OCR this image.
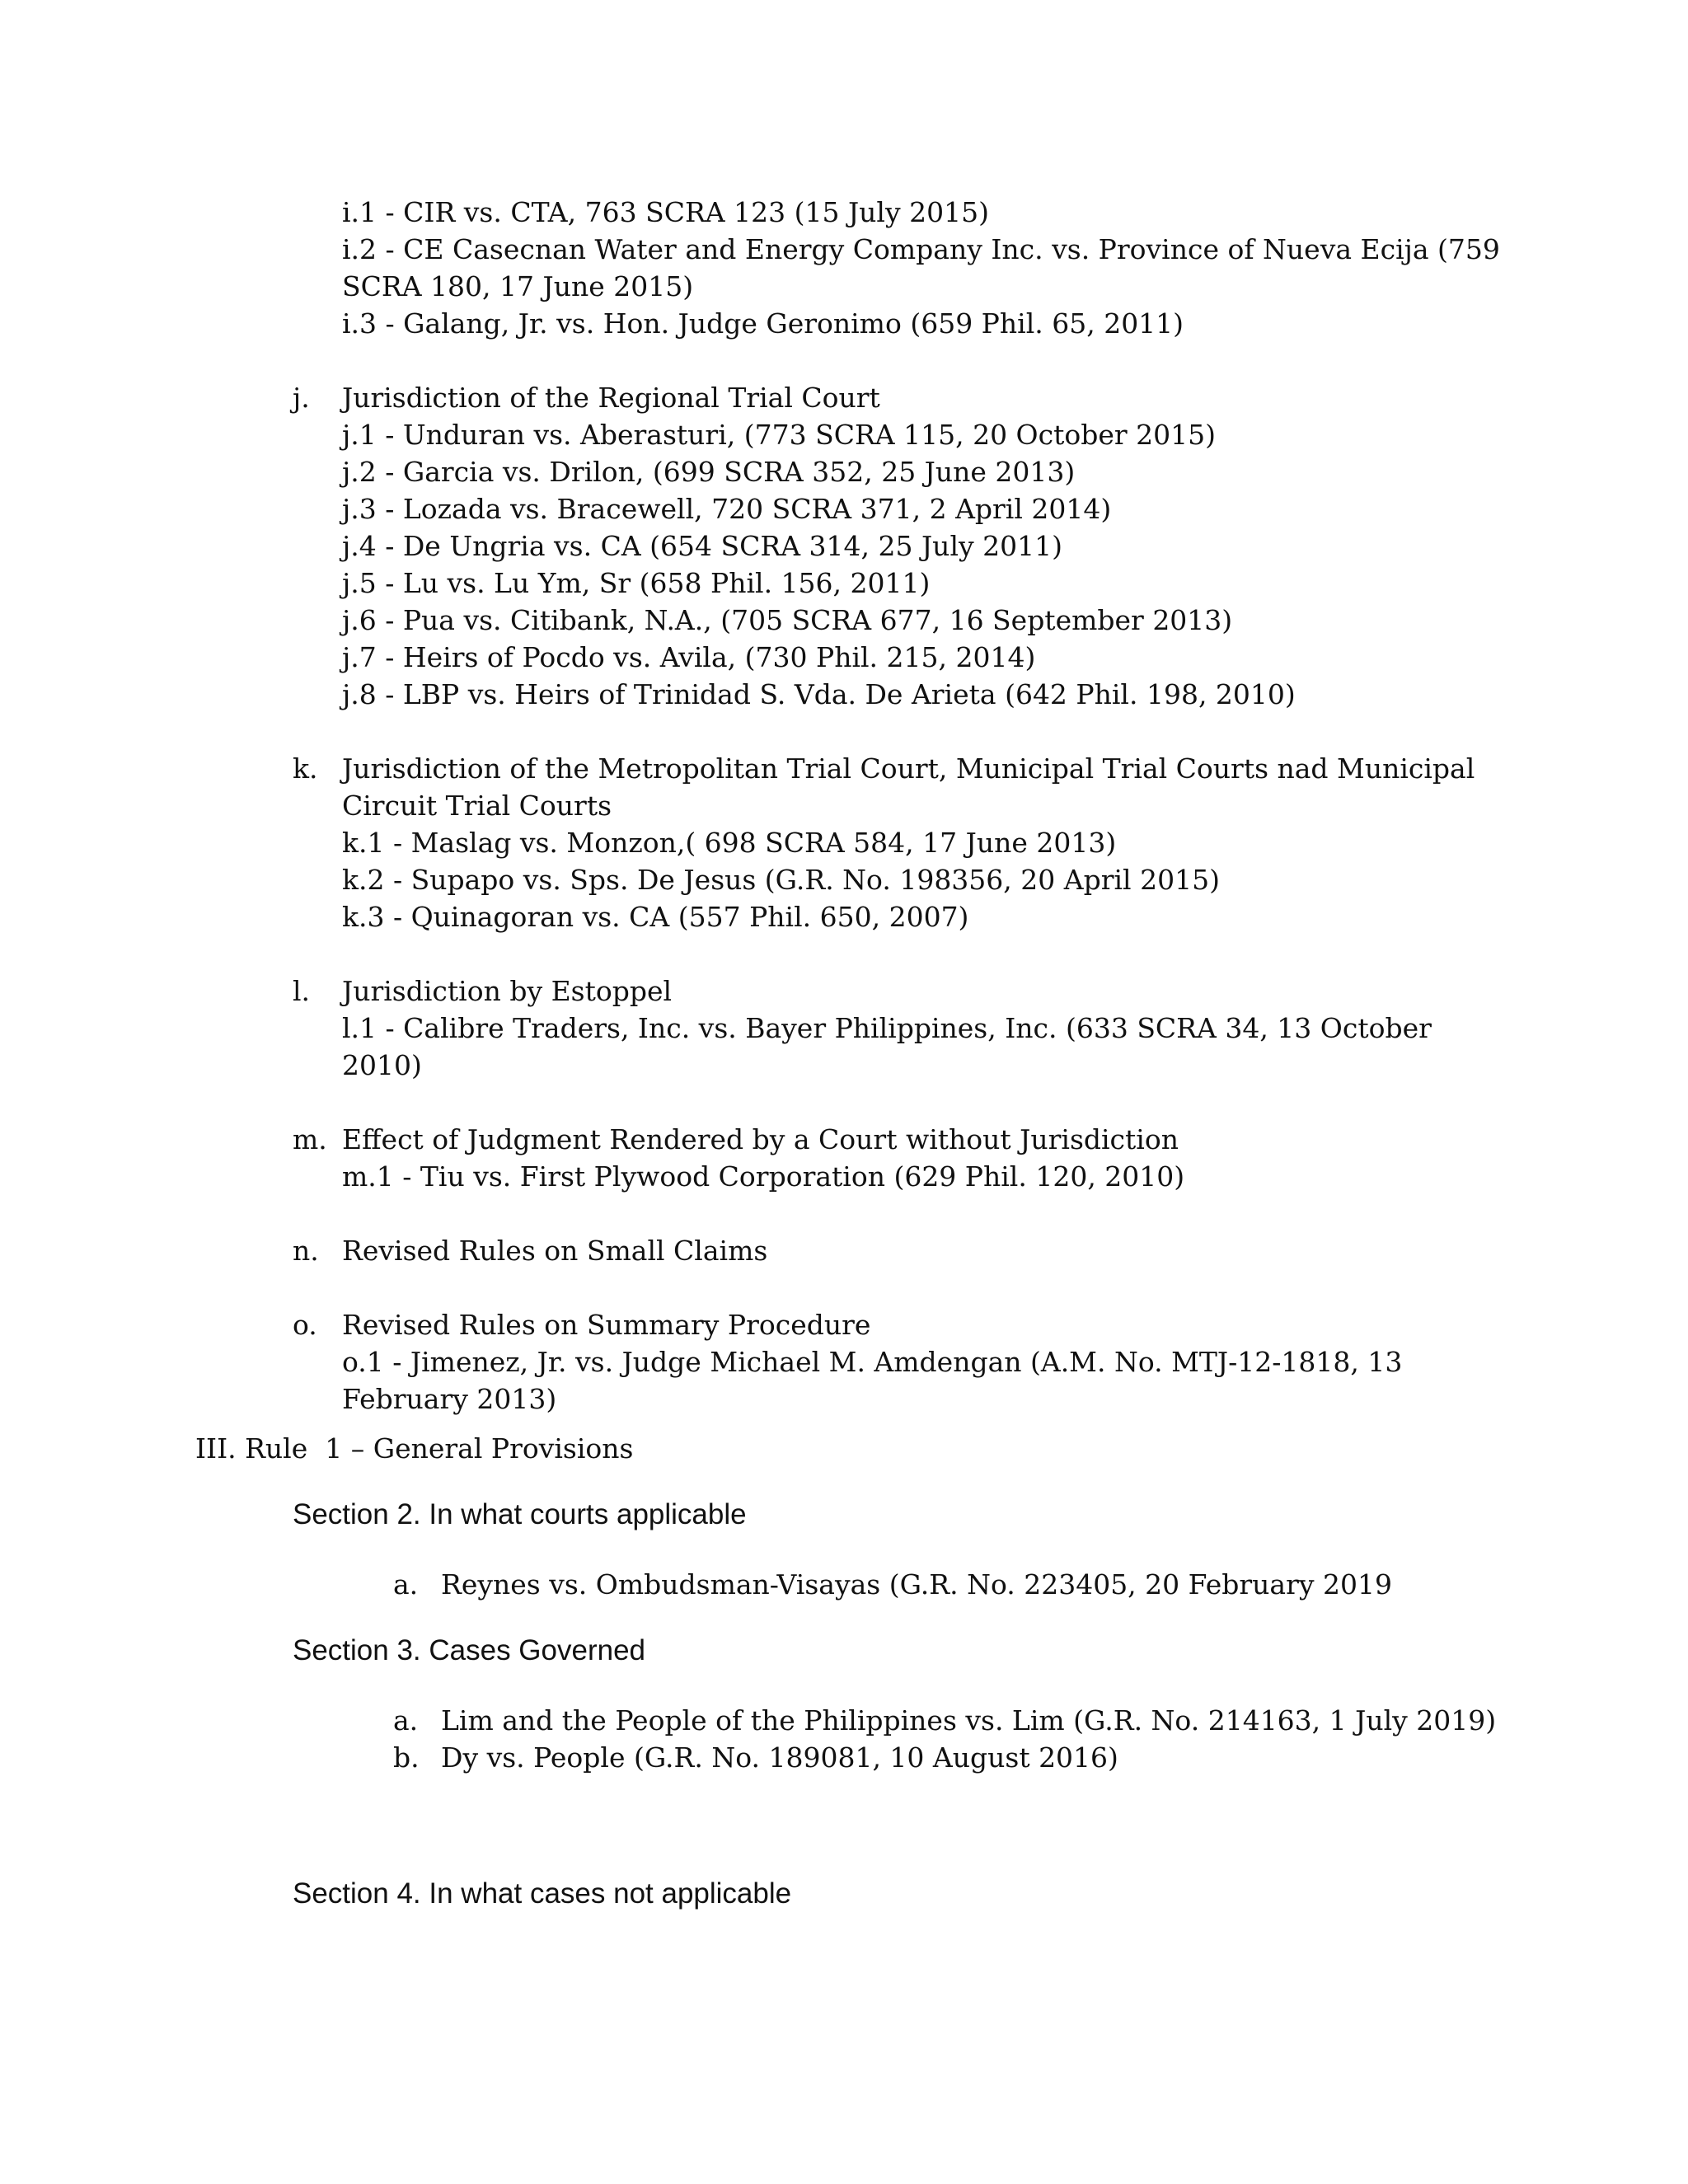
i.1 - CIR vs. CTA, 763 SCRA 123 (15 July 2015)
i.2 - CE Casecnan Water and Energy Company Inc. vs. Province of Nueva Ecija (759
SCRA 180, 17 June 2015)
i.3 - Galang, Jr. vs. Hon. Judge Geronimo (659 Phil. 65, 2011)
j. Jurisdiction of the Regional Trial Court
j.1 - Unduran vs. Aberasturi, (773 SCRA 115, 20 October 2015)
j.2 - Garcia vs. Drilon, (699 SCRA 352, 25 June 2013)
j.3 - Lozada vs. Bracewell, 720 SCRA 371, 2 April 2014)
j.4 - De Ungria vs. CA (654 SCRA 314, 25 July 2011)
j.5 - Lu vs. Lu Ym, Sr (658 Phil. 156, 2011)
j.6 - Pua vs. Citibank, N.A., (705 SCRA 677, 16 September 2013)
j.7 - Heirs of Pocdo vs. Avila, (730 Phil. 215, 2014)
j.8 - LBP vs. Heirs of Trinidad S. Vda. De Arieta (642 Phil. 198, 2010)
k. Jurisdiction of the Metropolitan Trial Court, Municipal Trial Courts nad Municipal
Circuit Trial Courts
k.1 - Maslag vs. Monzon,( 698 SCRA 584, 17 June 2013)
k.2 - Supapo vs. Sps. De Jesus (G.R. No. 198356, 20 April 2015)
k.3 - Quinagoran vs. CA (557 Phil. 650, 2007)
l. Jurisdiction by Estoppel
l.1 - Calibre Traders, Inc. vs. Bayer Philippines, Inc. (633 SCRA 34, 13 October
2010)
m. Effect of Judgment Rendered by a Court without Jurisdiction
m.1 - Tiu vs. First Plywood Corporation (629 Phil. 120, 2010)
n. Revised Rules on Small Claims
o. Revised Rules on Summary Procedure
o.1 - Jimenez, Jr. vs. Judge Michael M. Amdengan (A.M. No. MTJ-12-1818, 13
February 2013)
III. Rule  1 – General Provisions
Section 2. In what courts applicable
a. Reynes vs. Ombudsman-Visayas (G.R. No. 223405, 20 February 2019
Section 3. Cases Governed
a. Lim and the People of the Philippines vs. Lim (G.R. No. 214163, 1 July 2019)
b. Dy vs. People (G.R. No. 189081, 10 August 2016)
Section 4. In what cases not applicable
